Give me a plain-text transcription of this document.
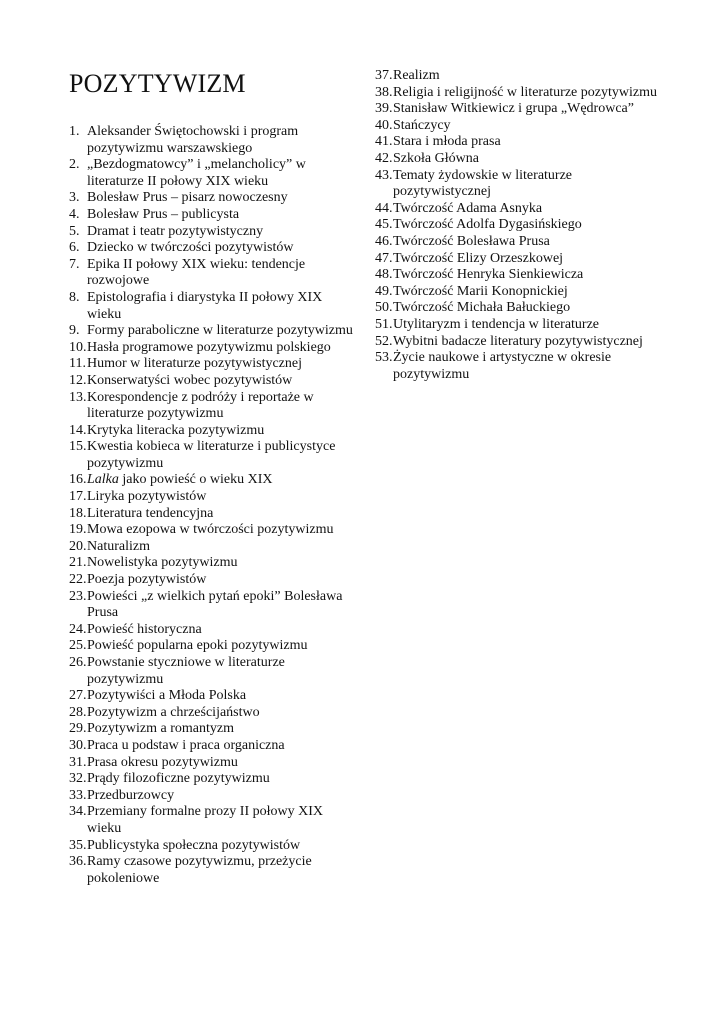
POZYTYWIZM
1. Aleksander Świętochowski i program pozytywizmu warszawskiego
2. „Bezdogmatowcy” i „melancholicy” w literaturze II połowy XIX wieku
3. Bolesław Prus – pisarz nowoczesny
4. Bolesław Prus – publicysta
5. Dramat i teatr pozytywistyczny
6. Dziecko w twórczości pozytywistów
7. Epika II połowy XIX wieku: tendencje rozwojowe
8. Epistolografia i diarystyka II połowy XIX wieku
9. Formy paraboliczne w literaturze pozytywizmu
10. Hasła programowe pozytywizmu polskiego
11. Humor w literaturze pozytywistycznej
12. Konserwatyści wobec pozytywistów
13. Korespondencje z podróży i reportaże w literaturze pozytywizmu
14. Krytyka literacka pozytywizmu
15. Kwestia kobieca w literaturze i publicystyce pozytywizmu
16. Lalka jako powieść o wieku XIX
17. Liryka pozytywistów
18. Literatura tendencyjna
19. Mowa ezopowa w twórczości pozytywizmu
20. Naturalizm
21. Nowelistyka pozytywizmu
22. Poezja pozytywistów
23. Powieści „z wielkich pytań epoki” Bolesława Prusa
24. Powieść historyczna
25. Powieść popularna epoki pozytywizmu
26. Powstanie styczniowe w literaturze pozytywizmu
27. Pozytywiści a Młoda Polska
28. Pozytywizm a chrześcijaństwo
29. Pozytywizm a romantyzm
30. Praca u podstaw i praca organiczna
31. Prasa okresu pozytywizmu
32. Prądy filozoficzne pozytywizmu
33. Przedburzowcy
34. Przemiany formalne prozy II połowy XIX wieku
35. Publicystyka społeczna pozytywistów
36. Ramy czasowe pozytywizmu, przeżycie pokoleniowe
37. Realizm
38. Religia i religijność w literaturze pozytywizmu
39. Stanisław Witkiewicz i grupa „Wędrowca”
40. Stańczycy
41. Stara i młoda prasa
42. Szkoła Główna
43. Tematy żydowskie w literaturze pozytywistycznej
44. Twórczość Adama Asnyka
45. Twórczość Adolfa Dygasińskiego
46. Twórczość Bolesława Prusa
47. Twórczość Elizy Orzeszkowej
48. Twórczość Henryka Sienkiewicza
49. Twórczość Marii Konopnickiej
50. Twórczość Michała Bałuckiego
51. Utylitaryzm i tendencja w literaturze
52. Wybitni badacze literatury pozytywistycznej
53. Życie naukowe i artystyczne w okresie pozytywizmu
